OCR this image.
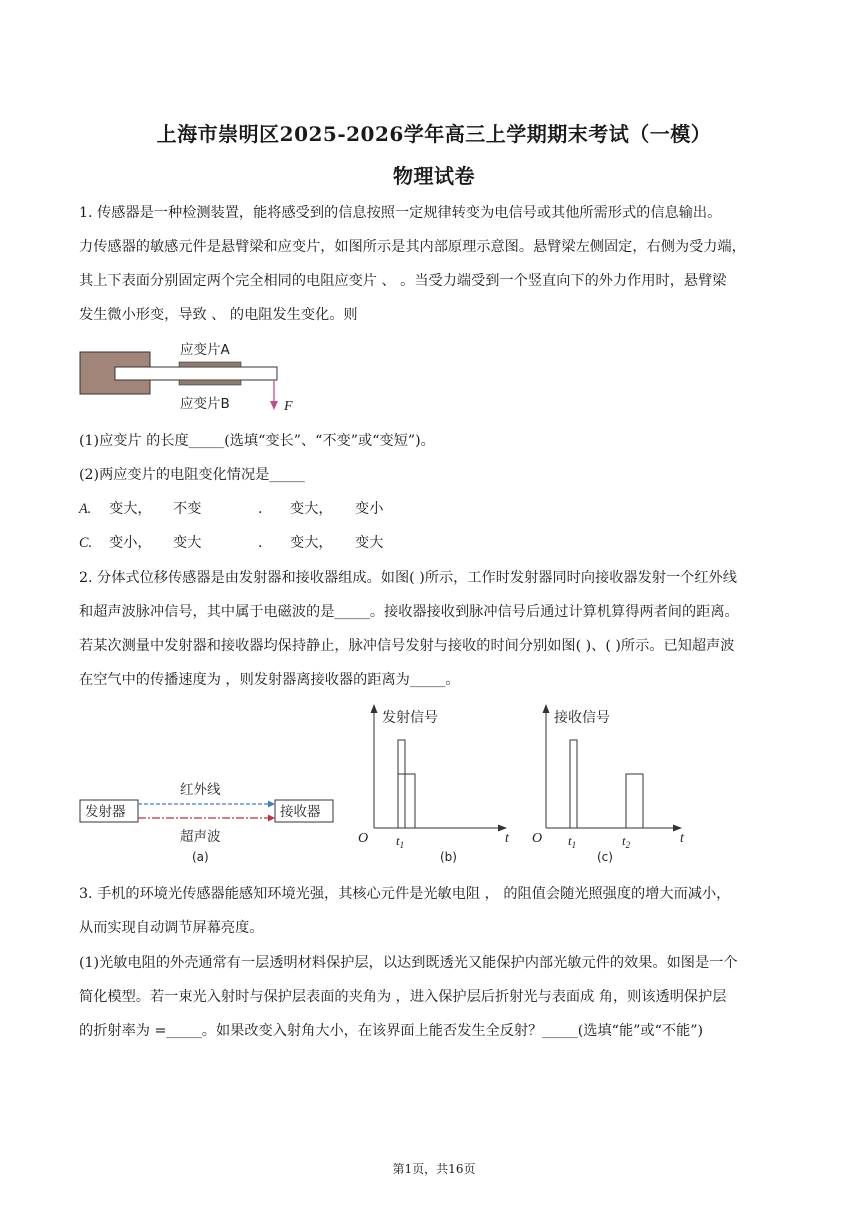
上海市崇明区2025-2026学年高三上学期期末考试（一模）
物理试卷
1. 传感器是一种检测装置，能将感受到的信息按照一定规律转变为电信号或其他所需形式的信息输出。
力传感器的敏感元件是悬臂梁和应变片，如图所示是其内部原理示意图。悬臂梁左侧固定，右侧为受力端，
其上下表面分别固定两个完全相同的电阻应变片 、 。当受力端受到一个竖直向下的外力作用时，悬臂梁
发生微小形变，导致 、 的电阻发生变化。则
应变片A
应变片B	F
(1)应变片 的长度_____(选填“变长”、“不变”或“变短”)。
(2)两应变片的电阻变化情况是_____
A. 变大， 不变	. 变大， 变小
C. 变小， 变大	. 变大， 变大
2. 分体式位移传感器是由发射器和接收器组成。如图( )所示，工作时发射器同时向接收器发射一个红外线
和超声波脉冲信号，其中属于电磁波的是_____。接收器接收到脉冲信号后通过计算机算得两者间的距离。
若某次测量中发射器和接收器均保持静止，脉冲信号发射与接收的时间分别如图( )、( )所示。已知超声波
在空气中的传播速度为 ，则发射器离接收器的距离为_____。
发射器	接收器
红外线
超声波
(a)
发射信号
O $t_1$	t
(b)
接收信号
O $t_1$	$t_2$	t
(c)
3. 手机的环境光传感器能感知环境光强，其核心元件是光敏电阻 ， 的阻值会随光照强度的增大而减小，
从而实现自动调节屏幕亮度。
(1)光敏电阻的外壳通常有一层透明材料保护层，以达到既透光又能保护内部光敏元件的效果。如图是一个
简化模型。若一束光入射时与保护层表面的夹角为 ，进入保护层后折射光与表面成 角，则该透明保护层
的折射率为 =_____。如果改变入射角大小，在该界面上能否发生全反射？_____(选填“能”或“不能”)
第1页，共16页
